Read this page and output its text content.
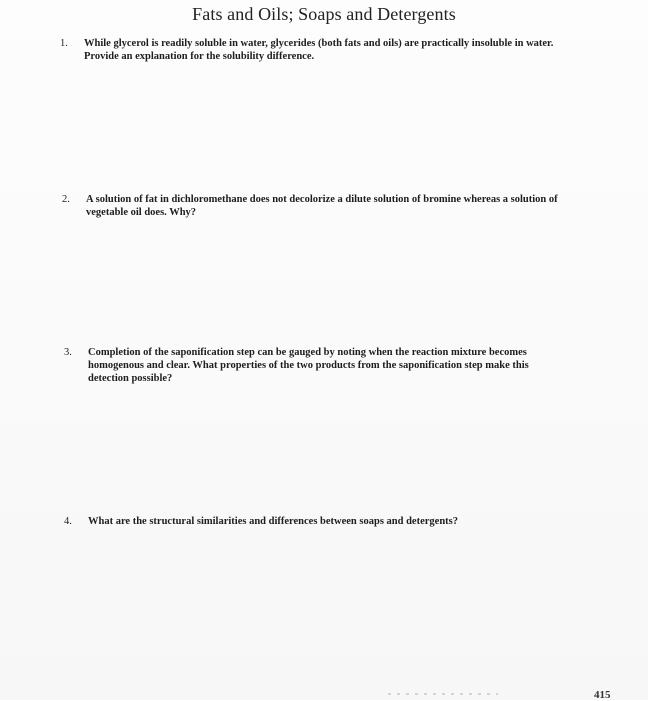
Fats and Oils; Soaps and Detergents
1. While glycerol is readily soluble in water, glycerides (both fats and oils) are practically insoluble in water.
Provide an explanation for the solubility difference.
2. A solution of fat in dichloromethane does not decolorize a dilute solution of bromine whereas a solution of
vegetable oil does. Why?
3. Completion of the saponification step can be gauged by noting when the reaction mixture becomes
homogenous and clear. What properties of the two products from the saponification step make this
detection possible?
4. What are the structural similarities and differences between soaps and detergents?
415
